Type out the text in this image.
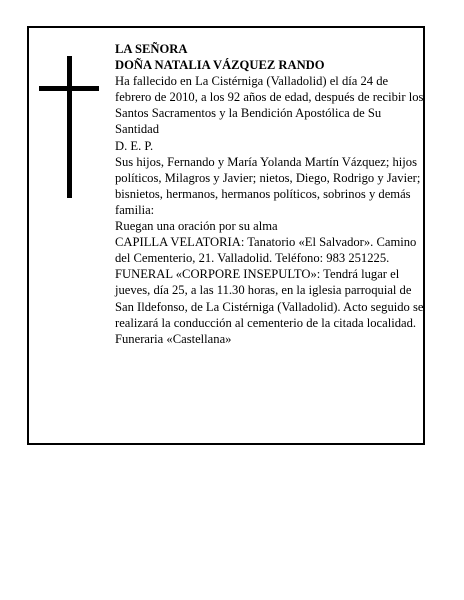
LA SEÑORA

DOÑA NATALIA VÁZQUEZ RANDO

Ha fallecido en La Cistérniga (Valladolid) el día 24 de febrero de 2010, a los 92 años de edad, después de recibir los Santos Sacramentos y la Bendición Apostólica de Su Santidad

D. E. P.

Sus hijos, Fernando y María Yolanda Martín Vázquez; hijos políticos, Milagros y Javier; nietos, Diego, Rodrigo y Javier; bisnietos, hermanos, hermanos políticos, sobrinos y demás familia:

Ruegan una oración por su alma

CAPILLA VELATORIA: Tanatorio «El Salvador». Camino del Cementerio, 21. Valladolid. Teléfono: 983 251225.

FUNERAL «CORPORE INSEPULTO»: Tendrá lugar el jueves, día 25, a las 11.30 horas, en la iglesia parroquial de San Ildefonso, de La Cistérniga (Valladolid). Acto seguido se realizará la conducción al cementerio de la citada localidad.

Funeraria «Castellana»
